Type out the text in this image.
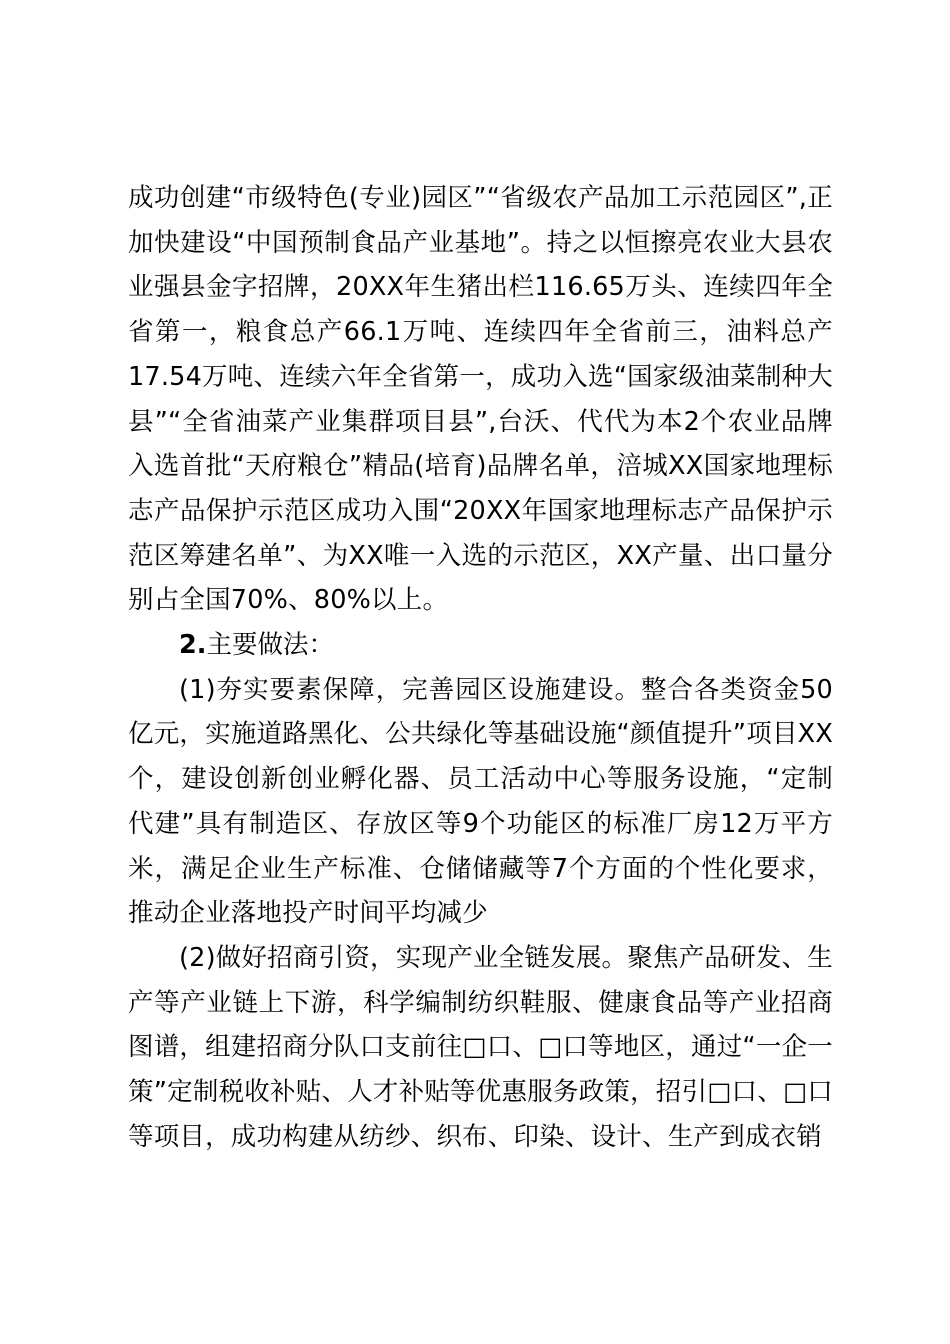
成功创建“市级特色(专业)园区”“省级农产品加工示范园区”,正加快建设“中国预制食品产业基地”。持之以恒擦亮农业大县农业强县金字招牌，20XX年生猪出栏116.65万头、连续四年全省第一，粮食总产66.1万吨、连续四年全省前三，油料总产17.54万吨、连续六年全省第一，成功入选“国家级油菜制种大县”“全省油菜产业集群项目县”,台沃、代代为本2个农业品牌入选首批“天府粮仓”精品(培育)品牌名单，涪城XX国家地理标志产品保护示范区成功入围“20XX年国家地理标志产品保护示范区筹建名单”、为XX唯一入选的示范区，XX产量、出口量分别占全国70%、80%以上。

2.主要做法：

(1)夯实要素保障，完善园区设施建设。整合各类资金50亿元，实施道路黑化、公共绿化等基础设施“颜值提升”项目XX个，建设创新创业孵化器、员工活动中心等服务设施，“定制代建”具有制造区、存放区等9个功能区的标准厂房12万平方米，满足企业生产标准、仓储储藏等7个方面的个性化要求，推动企业落地投产时间平均减少

(2)做好招商引资，实现产业全链发展。聚焦产品研发、生产等产业链上下游，科学编制纺织鞋服、健康食品等产业招商图谱，组建招商分队口支前往□口、□口等地区，通过“一企一策”定制税收补贴、人才补贴等优惠服务政策，招引□口、□口等项目，成功构建从纺纱、织布、印染、设计、生产到成衣销
